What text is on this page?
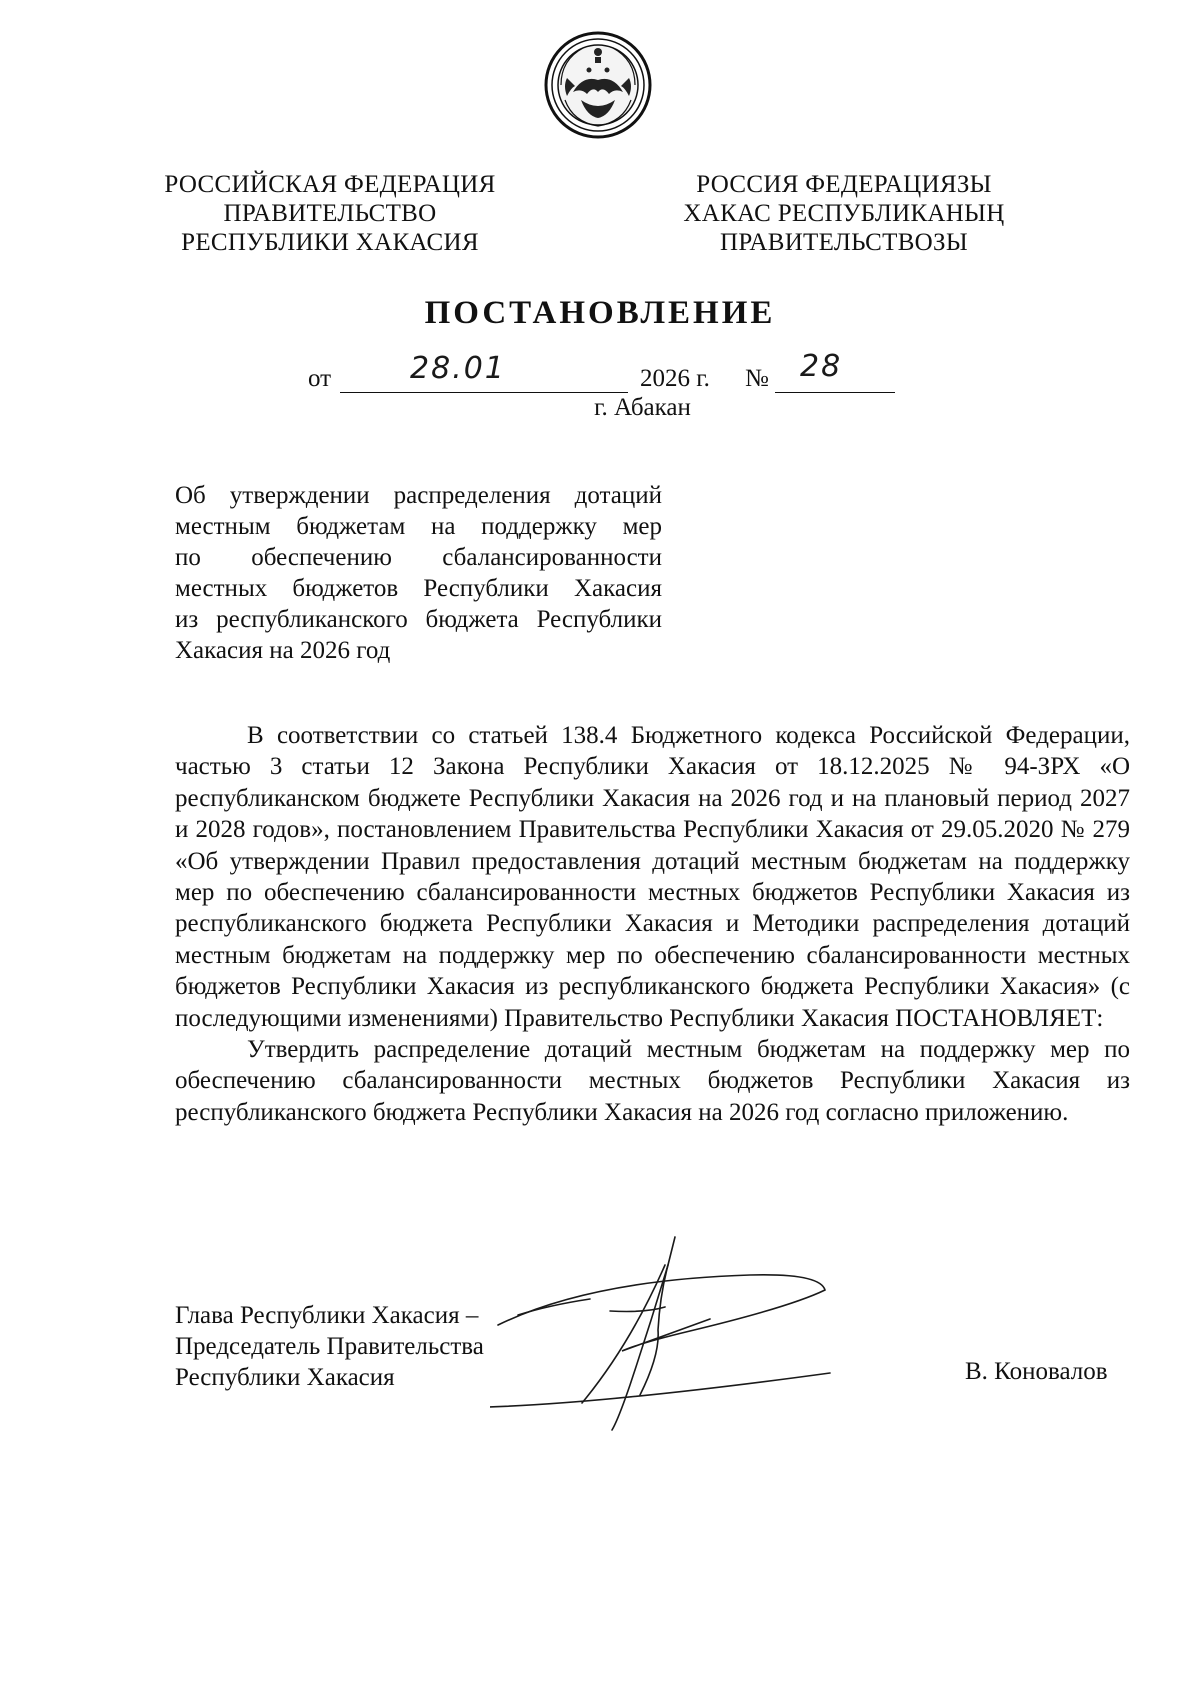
РОССИЙСКАЯ ФЕДЕРАЦИЯ
ПРАВИТЕЛЬСТВО
РЕСПУБЛИКИ ХАКАСИЯ
РОССИЯ ФЕДЕРАЦИЯЗЫ
ХАКАС РЕСПУБЛИКАНЫҢ
ПРАВИТЕЛЬСТВОЗЫ
ПОСТАНОВЛЕНИЕ
от	28.01	2026 г. № 28
г. Абакан
Об утверждении распределения дотаций
местным бюджетам на поддержку мер
по обеспечению сбалансированности
местных бюджетов Республики Хакасия
из республиканского бюджета Республики
Хакасия на 2026 год

В соответствии со статьей 138.4 Бюджетного кодекса Российской Федерации, частью 3 статьи 12 Закона Республики Хакасия от 18.12.2025 № 94-ЗРХ «О республиканском бюджете Республики Хакасия на 2026 год и на плановый период 2027 и 2028 годов», постановлением Правительства Республики Хакасия от 29.05.2020 № 279 «Об утверждении Правил предоставления дотаций местным бюджетам на поддержку мер по обеспечению сбалансированности местных бюджетов Республики Хакасия из республиканского бюджета Республики Хакасия и Методики распределения дотаций местным бюджетам на поддержку мер по обеспечению сбалансированности местных бюджетов Республики Хакасия из республиканского бюджета Республики Хакасия» (с последующими изменениями) Правительство Республики Хакасия ПОСТАНОВЛЯЕТ:

Утвердить распределение дотаций местным бюджетам на поддержку мер по обеспечению сбалансированности местных бюджетов Республики Хакасия из республиканского бюджета Республики Хакасия на 2026 год согласно приложению.

Глава Республики Хакасия –
Председатель Правительства
Республики Хакасия	В. Коновалов
